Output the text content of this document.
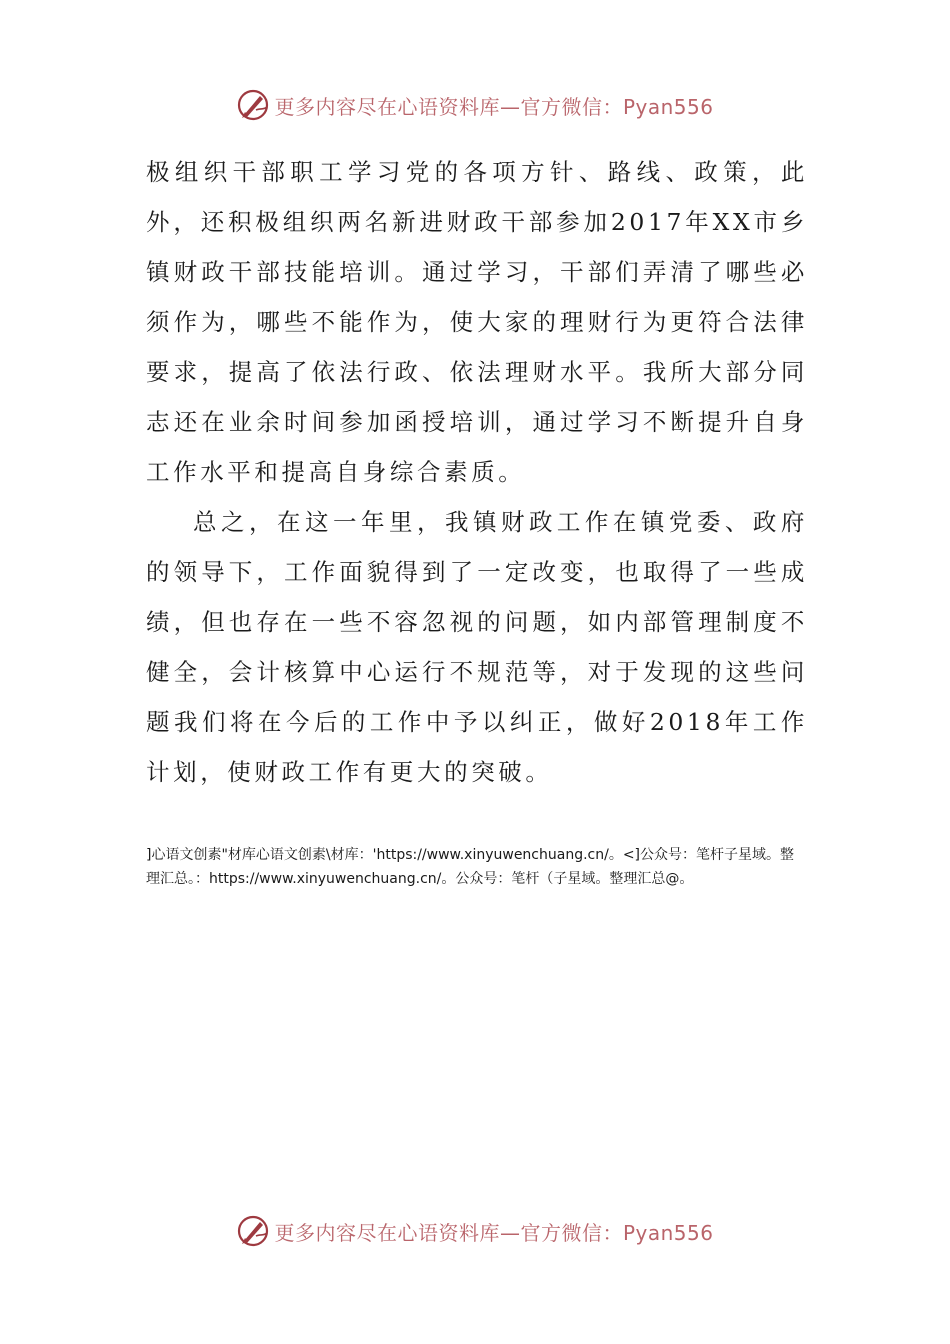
更多内容尽在心语资料库—官方微信：Pyan556

极组织干部职工学习党的各项方针、路线、政策，此外，还积极组织两名新进财政干部参加2017年XX市乡镇财政干部技能培训。通过学习，干部们弄清了哪些必须作为，哪些不能作为，使大家的理财行为更符合法律要求，提高了依法行政、依法理财水平。我所大部分同志还在业余时间参加函授培训，通过学习不断提升自身工作水平和提高自身综合素质。

总之，在这一年里，我镇财政工作在镇党委、政府的领导下，工作面貌得到了一定改变，也取得了一些成绩，但也存在一些不容忽视的问题，如内部管理制度不健全，会计核算中心运行不规范等，对于发现的这些问题我们将在今后的工作中予以纠正，做好2018年工作计划，使财政工作有更大的突破。

]心语文创素"材库心语文创素\材库：'https://www.xinyuwenchuang.cn/。<]公众号：笔杆子星域。整理汇总。：https://www.xinyuwenchuang.cn/。公众号：笔杆（子星域。整理汇总@。
更多内容尽在心语资料库—官方微信：Pyan556
